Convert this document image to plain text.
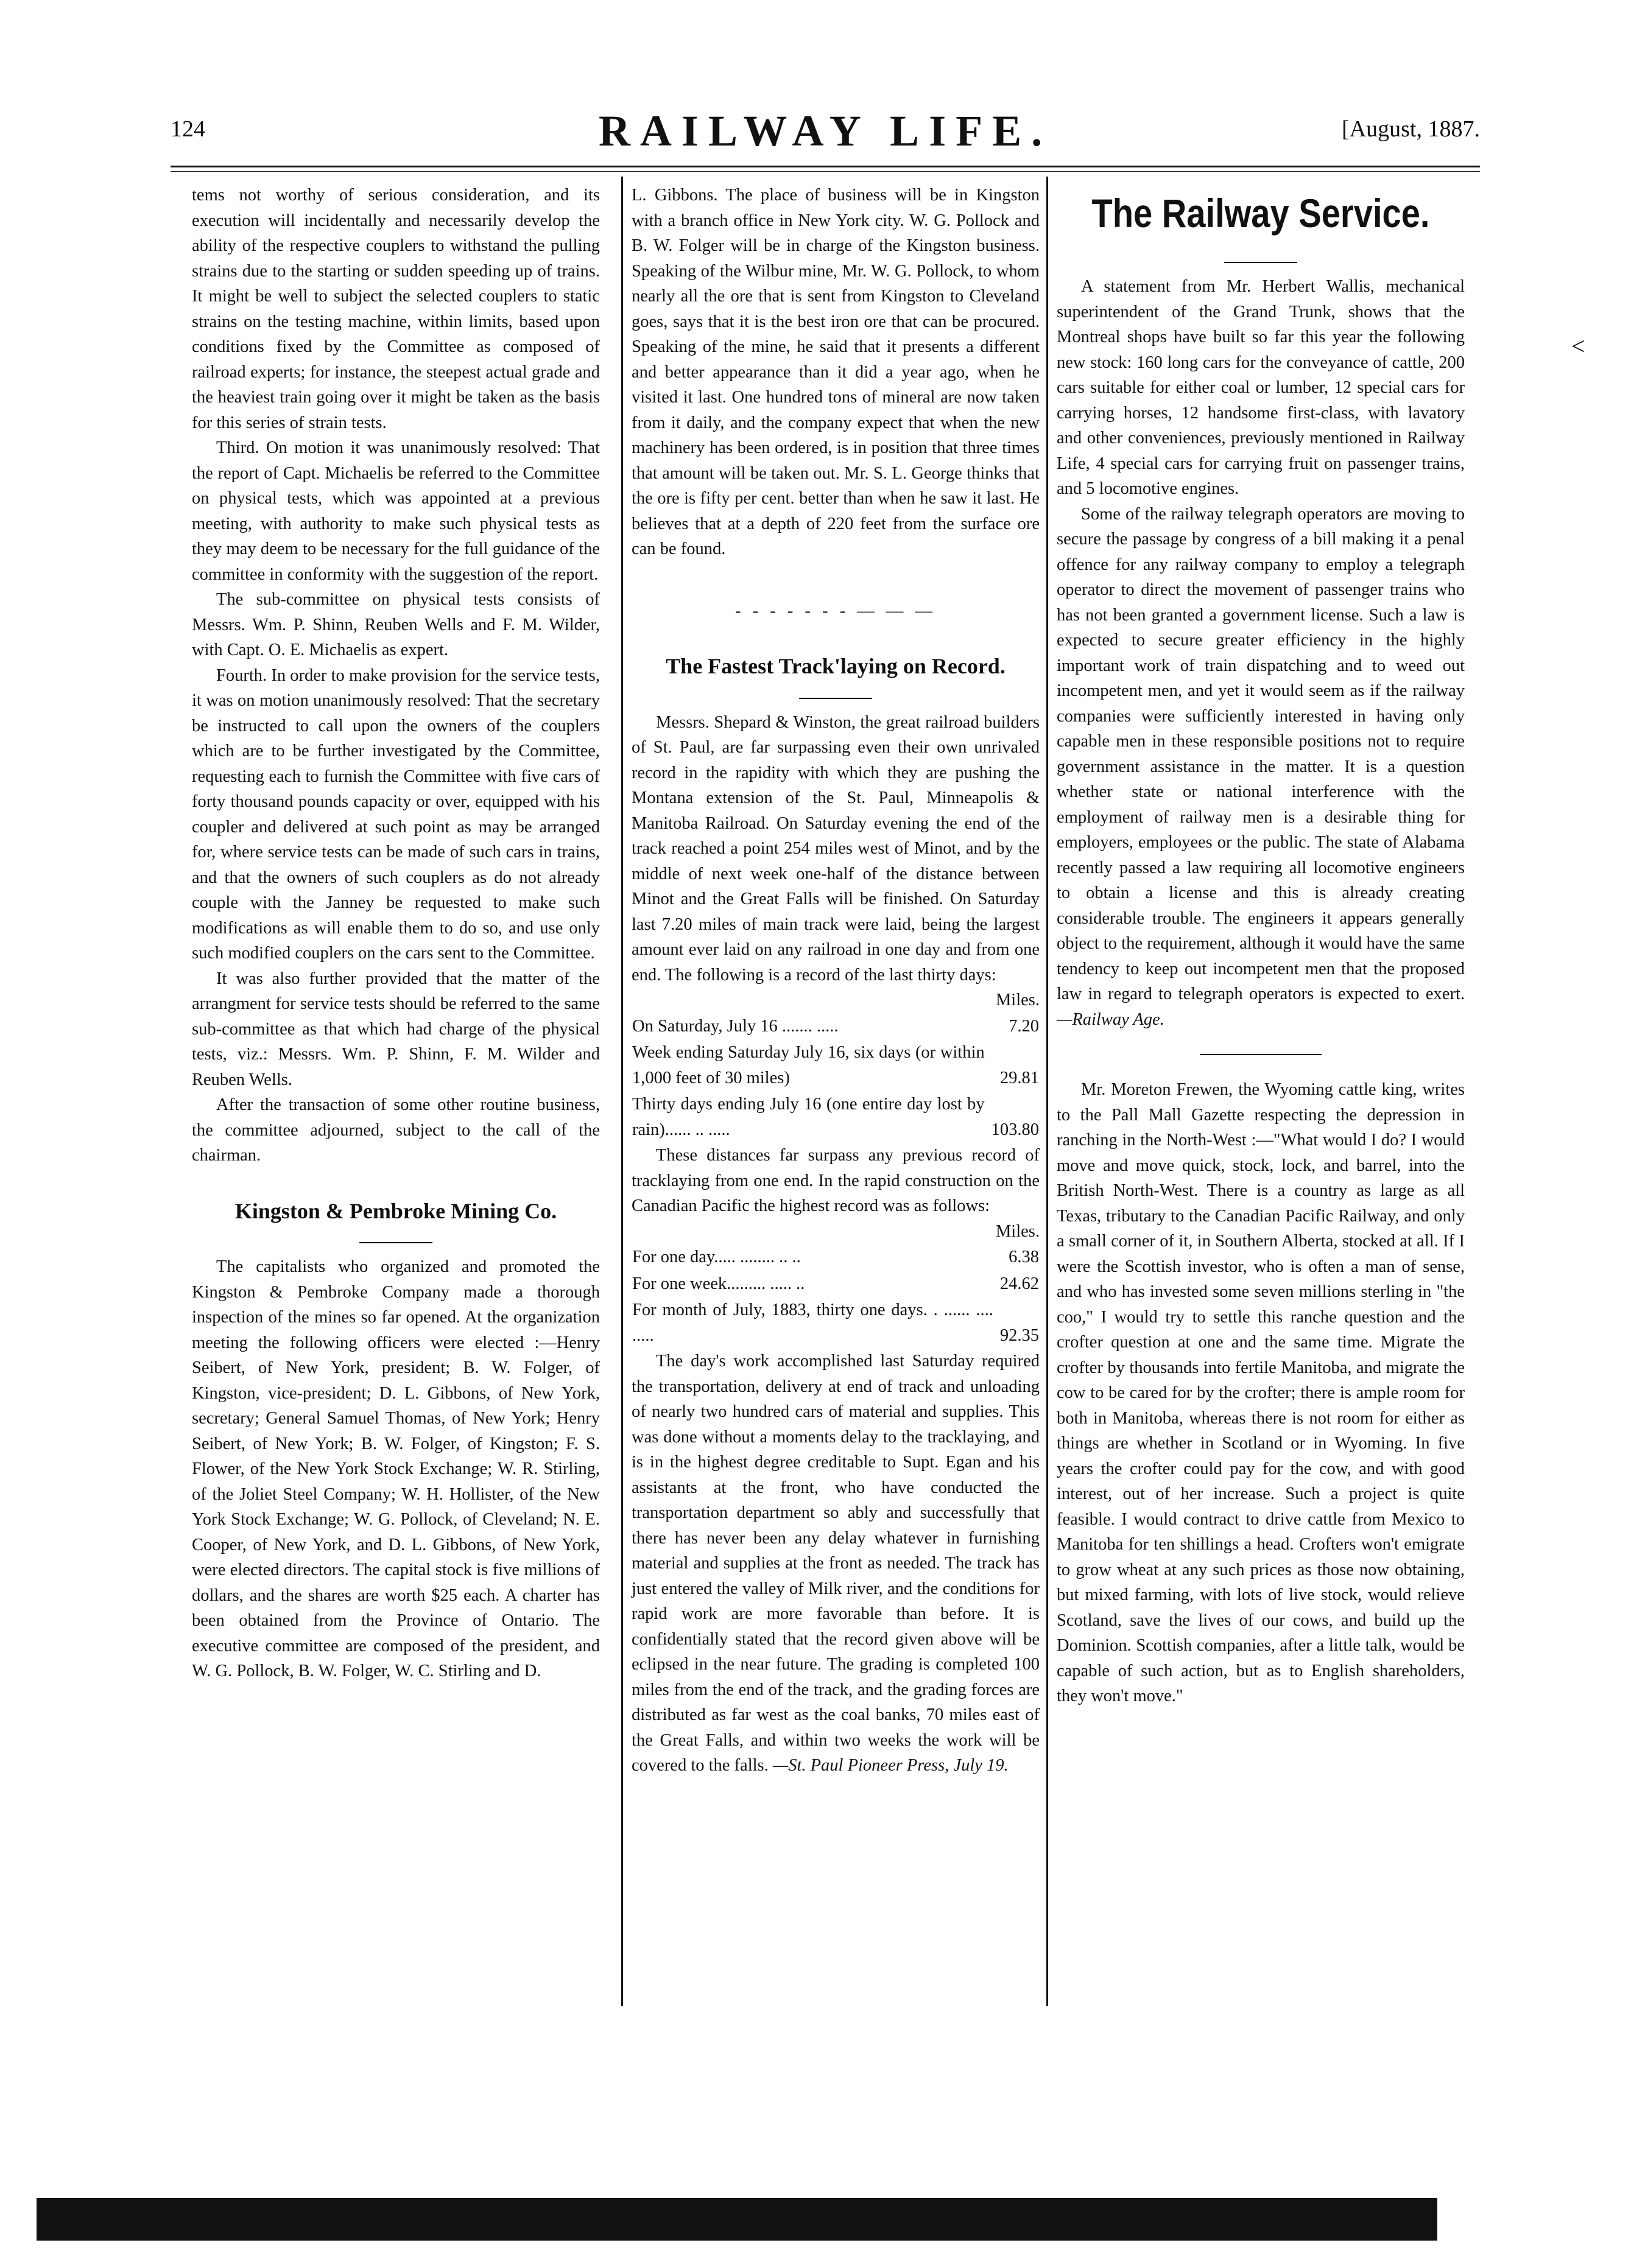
124	RAILWAY LIFE.	[August, 1887.

tems not worthy of serious consideration, and its execution will incidentally and necessarily develop the ability of the respective couplers to withstand the pulling strains due to the starting or sudden speeding up of trains. It might be well to subject the selected couplers to static strains on the testing machine, within limits, based upon conditions fixed by the Committee as composed of railroad experts; for instance, the steepest actual grade and the heaviest train going over it might be taken as the basis for this series of strain tests.

Third. On motion it was unanimously resolved: That the report of Capt. Michaelis be referred to the Committee on physical tests, which was appointed at a previous meeting, with authority to make such physical tests as they may deem to be necessary for the full guidance of the committee in conformity with the suggestion of the report.

The sub-committee on physical tests consists of Messrs. Wm. P. Shinn, Reuben Wells and F. M. Wilder, with Capt. O. E. Michaelis as expert.

Fourth. In order to make provision for the service tests, it was on motion unanimously resolved: That the secretary be instructed to call upon the owners of the couplers which are to be further investigated by the Committee, requesting each to furnish the Committee with five cars of forty thousand pounds capacity or over, equipped with his coupler and delivered at such point as may be arranged for, where service tests can be made of such cars in trains, and that the owners of such couplers as do not already couple with the Janney be requested to make such modifications as will enable them to do so, and use only such modified couplers on the cars sent to the Committee.

It was also further provided that the matter of the arrangment for service tests should be referred to the same sub-committee as that which had charge of the physical tests, viz.: Messrs. Wm. P. Shinn, F. M. Wilder and Reuben Wells.

After the transaction of some other routine business, the committee adjourned, subject to the call of the chairman.

Kingston & Pembroke Mining Co.

The capitalists who organized and promoted the Kingston & Pembroke Company made a thorough inspection of the mines so far opened. At the organization meeting the following officers were elected :—Henry Seibert, of New York, president; B. W. Folger, of Kingston, vice-president; D. L. Gibbons, of New York, secretary; General Samuel Thomas, of New York; Henry Seibert, of New York; B. W. Folger, of Kingston; F. S. Flower, of the New York Stock Exchange; W. R. Stirling, of the Joliet Steel Company; W. H. Hollister, of the New York Stock Exchange; W. G. Pollock, of Cleveland; N. E. Cooper, of New York, and D. L. Gibbons, of New York, were elected directors. The capital stock is five millions of dollars, and the shares are worth $25 each. A charter has been obtained from the Province of Ontario. The executive committee are composed of the president, and W. G. Pollock, B. W. Folger, W. C. Stirling and D.

L. Gibbons. The place of business will be in Kingston with a branch office in New York city. W. G. Pollock and B. W. Folger will be in charge of the Kingston business. Speaking of the Wilbur mine, Mr. W. G. Pollock, to whom nearly all the ore that is sent from Kingston to Cleveland goes, says that it is the best iron ore that can be procured. Speaking of the mine, he said that it presents a different and better appearance than it did a year ago, when he visited it last. One hundred tons of mineral are now taken from it daily, and the company expect that when the new machinery has been ordered, is in position that three times that amount will be taken out. Mr. S. L. George thinks that the ore is fifty per cent. better than when he saw it last. He believes that at a depth of 220 feet from the surface ore can be found.

- - - - - - - — — —
The Fastest Track'laying on Record.

Messrs. Shepard & Winston, the great railroad builders of St. Paul, are far surpassing even their own unrivaled record in the rapidity with which they are pushing the Montana extension of the St. Paul, Minneapolis & Manitoba Railroad. On Saturday evening the end of the track reached a point 254 miles west of Minot, and by the middle of next week one-half of the distance between Minot and the Great Falls will be finished. On Saturday last 7.20 miles of main track were laid, being the largest amount ever laid on any railroad in one day and from one end. The following is a record of the last thirty days:

Miles.
On Saturday, July 16 ....... .....	7.20
Week ending Saturday July 16, six days (or within 1,000 feet of 30 miles)	29.81
Thirty days ending July 16 (one entire day lost by rain)...... .. .....	103.80

These distances far surpass any previous record of tracklaying from one end. In the rapid construction on the Canadian Pacific the highest record was as follows:

Miles.
For one day..... ........ .. ..	6.38
For one week......... ..... ..	24.62
For month of July, 1883, thirty one days. . ...... .... .....	92.35

The day's work accomplished last Saturday required the transportation, delivery at end of track and unloading of nearly two hundred cars of material and supplies. This was done without a moments delay to the tracklaying, and is in the highest degree creditable to Supt. Egan and his assistants at the front, who have conducted the transportation department so ably and successfully that there has never been any delay whatever in furnishing material and supplies at the front as needed. The track has just entered the valley of Milk river, and the conditions for rapid work are more favorable than before. It is confidentially stated that the record given above will be eclipsed in the near future. The grading is completed 100 miles from the end of the track, and the grading forces are distributed as far west as the coal banks, 70 miles east of the Great Falls, and within two weeks the work will be covered to the falls. —St. Paul Pioneer Press, July 19.

The Railway Service.

A statement from Mr. Herbert Wallis, mechanical superintendent of the Grand Trunk, shows that the Montreal shops have built so far this year the following new stock: 160 long cars for the conveyance of cattle, 200 cars suitable for either coal or lumber, 12 special cars for carrying horses, 12 handsome first-class, with lavatory and other conveniences, previously mentioned in Railway Life, 4 special cars for carrying fruit on passenger trains, and 5 locomotive engines.

Some of the railway telegraph operators are moving to secure the passage by congress of a bill making it a penal offence for any railway company to employ a telegraph operator to direct the movement of passenger trains who has not been granted a government license. Such a law is expected to secure greater efficiency in the highly important work of train dispatching and to weed out incompetent men, and yet it would seem as if the railway companies were sufficiently interested in having only capable men in these responsible positions not to require government assistance in the matter. It is a question whether state or national interference with the employment of railway men is a desirable thing for employers, employees or the public. The state of Alabama recently passed a law requiring all locomotive engineers to obtain a license and this is already creating considerable trouble. The engineers it appears generally object to the requirement, although it would have the same tendency to keep out incompetent men that the proposed law in regard to telegraph operators is expected to exert. —Railway Age.

Mr. Moreton Frewen, the Wyoming cattle king, writes to the Pall Mall Gazette respecting the depression in ranching in the North-West :—"What would I do? I would move and move quick, stock, lock, and barrel, into the British North-West. There is a country as large as all Texas, tributary to the Canadian Pacific Railway, and only a small corner of it, in Southern Alberta, stocked at all. If I were the Scottish investor, who is often a man of sense, and who has invested some seven millions sterling in "the coo," I would try to settle this ranche question and the crofter question at one and the same time. Migrate the crofter by thousands into fertile Manitoba, and migrate the cow to be cared for by the crofter; there is ample room for both in Manitoba, whereas there is not room for either as things are whether in Scotland or in Wyoming. In five years the crofter could pay for the cow, and with good interest, out of her increase. Such a project is quite feasible. I would contract to drive cattle from Mexico to Manitoba for ten shillings a head. Crofters won't emigrate to grow wheat at any such prices as those now obtaining, but mixed farming, with lots of live stock, would relieve Scotland, save the lives of our cows, and build up the Dominion. Scottish companies, after a little talk, would be capable of such action, but as to English shareholders, they won't move."

<
